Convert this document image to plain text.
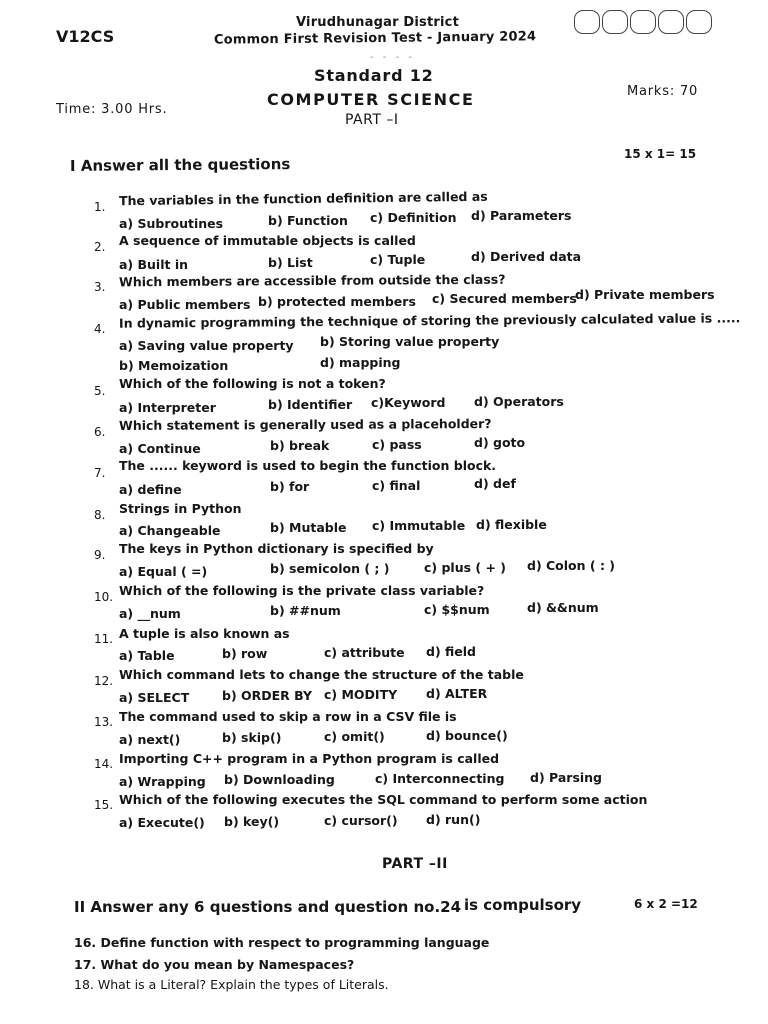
V12CS
Virudhunagar District
Common First Revision Test - January 2024
- - - -
Standard 12
COMPUTER SCIENCE
PART –I
Time: 3.00 Hrs.
Marks: 70
I Answer all the questions
15 x 1= 15
1. The variables in the function definition are called as
a) Subroutines	b) Function c) Definition d) Parameters
2. A sequence of immutable objects is called
a) Built in	b) List	c) Tuple	d) Derived data
3. Which members are accessible from outside the class?
a) Public members b) protected members c) Secured members
d) Private members
4. In dynamic programming the technique of storing the previously calculated value is .....
a) Saving value property b) Storing value property
b) Memoization	d) mapping
5. Which of the following is not a token?
a) Interpreter	b) Identifier c)Keyword d) Operators
6. Which statement is generally used as a placeholder?
a) Continue	b) break	c) pass	d) goto
7. The ...... keyword is used to begin the function block.
a) define	b) for	c) final	d) def
8. Strings in Python
a) Changeable	b) Mutable c) Immutable d) flexible
9. The keys in Python dictionary is specified by
a) Equal ( =)	b) semicolon ( ; )	c) plus ( + ) d) Colon ( : )
10. Which of the following is the private class variable?
a) __num	b) ##num	c) $$num	d) &&num
11. A tuple is also known as
a) Table	b) row	c) attribute d) field
12. Which command lets to change the structure of the table
a) SELECT	b) ORDER BY c) MODITY d) ALTER
13. The command used to skip a row in a CSV file is
a) next()	b) skip()	c) omit()	d) bounce()
14. Importing C++ program in a Python program is called
a) Wrapping b) Downloading	c) Interconnecting d) Parsing
15. Which of the following executes the SQL command to perform some action
a) Execute() b) key()	c) cursor() d) run()
PART –II
II Answer any 6 questions and question no.24 is compulsory	6 x 2 =12
16. Define function with respect to programming language
17. What do you mean by Namespaces?
18. What is a Literal? Explain the types of Literals.
